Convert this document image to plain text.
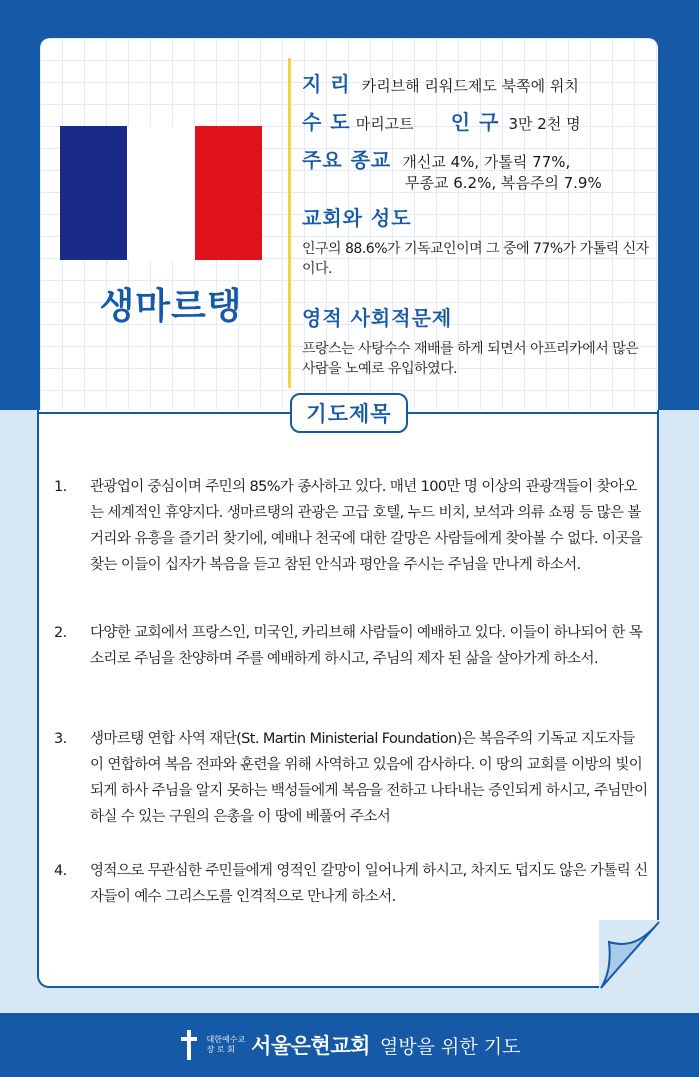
생마르탱
지 리 카리브해 리워드제도 북쪽에 위치
수 도 마리고트 인 구 3만 2천 명
주요 종교 개신교 4%, 가톨릭 77%,
무종교 6.2%, 복음주의 7.9%
교회와 성도
인구의 88.6%가 기독교인이며 그 중에 77%가 가톨릭 신자이다.
영적 사회적문제
프랑스는 사탕수수 재배를 하게 되면서 아프리카에서 많은 사람을 노예로 유입하였다.
기도제목
1.	관광업이 중심이며 주민의 85%가 종사하고 있다. 매년 100만 명 이상의 관광객들이 찾아오는 세계적인 휴양지다. 생마르탱의 관광은 고급 호텔, 누드 비치, 보석과 의류 쇼핑 등 많은 볼거리와 유흥을 즐기러 찾기에, 예배나 천국에 대한 갈망은 사람들에게 찾아볼 수 없다. 이곳을 찾는 이들이 십자가 복음을 듣고 참된 안식과 평안을 주시는 주님을 만나게 하소서.
2.	다양한 교회에서 프랑스인, 미국인, 카리브해 사람들이 예배하고 있다. 이들이 하나되어 한 목소리로 주님을 찬양하며 주를 예배하게 하시고, 주님의 제자 된 삶을 살아가게 하소서.
3.	생마르탱 연합 사역 재단(St. Martin Ministerial Foundation)은 복음주의 기독교 지도자들이 연합하여 복음 전파와 훈련을 위해 사역하고 있음에 감사하다. 이 땅의 교회를 이방의 빛이 되게 하사 주님을 알지 못하는 백성들에게 복음을 전하고 나타내는 증인되게 하시고, 주님만이 하실 수 있는 구원의 은총을 이 땅에 베풀어 주소서
4.	영적으로 무관심한 주민들에게 영적인 갈망이 일어나게 하시고, 차지도 덥지도 않은 가톨릭 신자들이 예수 그리스도를 인격적으로 만나게 하소서.
대한예수교
장 로 회 서울은현교회 열방을 위한 기도
